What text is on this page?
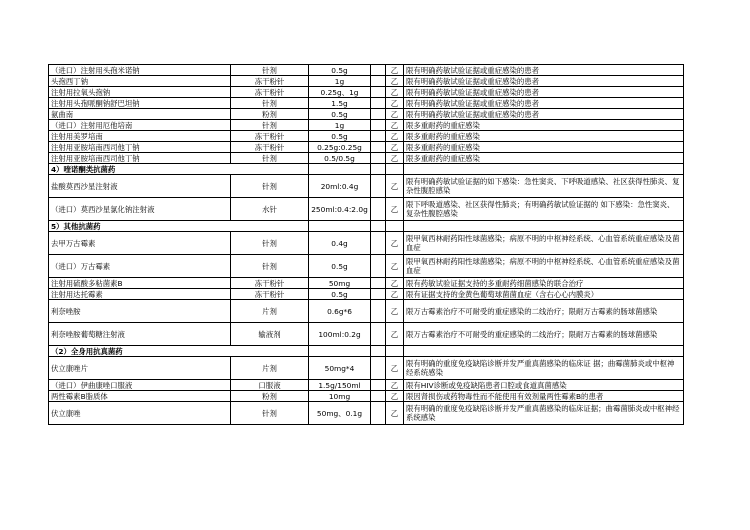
（进口）注射用头孢米诺钠	针剂	0.5g		乙	限有明确药敏试验证据或重症感染的患者
头孢西丁钠	冻干粉针	1g		乙	限有明确药敏试验证据或重症感染的患者
注射用拉氧头孢钠	冻干粉针	0.25g、1g		乙	限有明确药敏试验证据或重症感染的患者
注射用头孢哌酮钠舒巴坦钠	针剂	1.5g		乙	限有明确药敏试验证据或重症感染的患者
氨曲南	粉剂	0.5g		乙	限有明确药敏试验证据或重症感染的患者
（进口）注射用厄他培南	针剂	1g		乙	限多重耐药的重症感染
注射用美罗培南	冻干粉针	0.5g		乙	限多重耐药的重症感染
注射用亚胺培南西司他丁钠	冻干粉针	0.25g:0.25g		乙	限多重耐药的重症感染
注射用亚胺培南西司他丁钠	针剂	0.5/0.5g		乙	限多重耐药的重症感染
4）喹诺酮类抗菌药					
盐酸莫西沙星注射液	针剂	20ml:0.4g		乙	限有明确药敏试验证据的如下感染：急性窦炎、下呼吸道感染、社区获得性肺炎、复杂性腹腔感染
（进口）莫西沙星氯化钠注射液	水针	250ml:0.4:2.0g		乙	限下呼吸道感染、社区获得性肺炎；有明确药敏试验证据的 如下感染：急性窦炎、复杂性腹腔感染
5）其他抗菌药					
去甲万古霉素	针剂	0.4g		乙	限甲氧西林耐药阳性球菌感染；病原不明的中枢神经系统、心血管系统重症感染及菌血症
（进口）万古霉素	针剂	0.5g		乙	限甲氧西林耐药阳性球菌感染；病原不明的中枢神经系统、心血管系统重症感染及菌血症
注射用硫酸多粘菌素B	冻干粉针	50mg		乙	限有药敏试验证据支持的多重耐药细菌感染的联合治疗
注射用达托霉素	冻干粉针	0.5g		乙	限有证据支持的金黄色葡萄球菌菌血症（含右心心内膜炎）
利奈唑胺	片剂	0.6g*6		乙	限万古霉素治疗不可耐受的重症感染的二线治疗；限耐万古霉素的肠球菌感染
利奈唑胺葡萄糖注射液	输液剂	100ml:0.2g		乙	限万古霉素治疗不可耐受的重症感染的二线治疗；限耐万古霉素的肠球菌感染
（2）全身用抗真菌药					
伏立康唑片	片剂	50mg*4		乙	限有明确的重度免疫缺陷诊断并发严重真菌感染的临床证 据；曲霉菌肺炎或中枢神经系统感染
（进口）伊曲康唑口服液	口服液	1.5g/150ml		乙	限有HIV诊断或免疫缺陷患者口腔或食道真菌感染
两性霉素B脂质体	粉剂	10mg		乙	限因肾损伤或药物毒性而不能使用有效剂量两性霉素B的患者
伏立康唑	针剂	50mg、0.1g		乙	限有明确的重度免疫缺陷诊断并发严重真菌感染的临床证据；曲霉菌肺炎或中枢神经系统感染
